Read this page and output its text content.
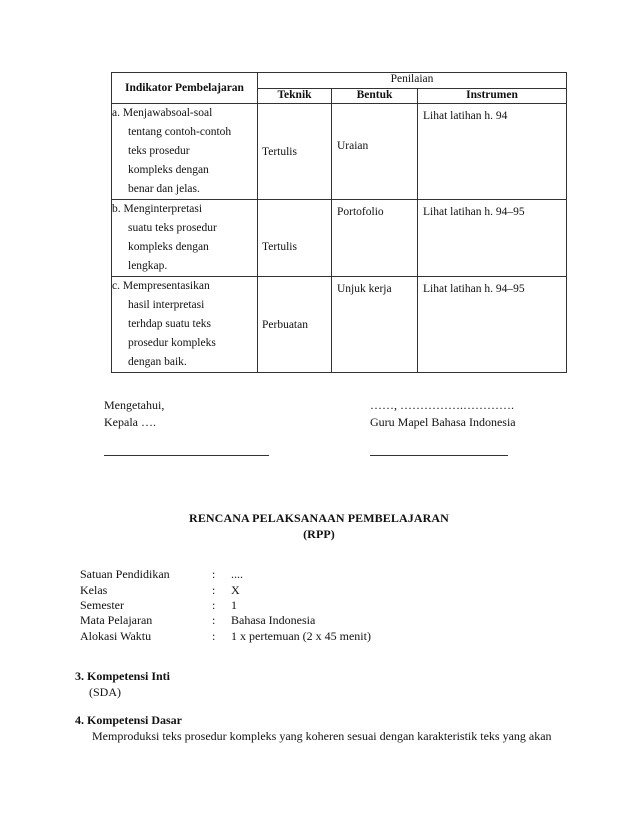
Indikator Pembelajaran	Penilaian		
	Teknik	Bentuk	Instrumen

a. Menjawabsoal-soal
tentang contoh-contoh
teks prosedur
kompleks dengan
benar dan jelas.	Tertulis	Uraian	Lihat latihan h. 94

b. Menginterpretasi
suatu teks prosedur
kompleks dengan
lengkap.	Tertulis	Portofolio	Lihat latihan h. 94–95

c. Mempresentasikan
hasil interpretasi
terhdap suatu teks
prosedur kompleks
dengan baik.	Perbuatan	Unjuk kerja	Lihat latihan h. 94–95
Mengetahui,
Kepala ….
……, …………….………….
Guru Mapel Bahasa Indonesia
RENCANA PELAKSANAAN PEMBELAJARAN
(RPP)
Satuan Pendidikan	: ....
Kelas	: X
Semester	: 1
Mata Pelajaran	: Bahasa Indonesia
Alokasi Waktu	: 1 x pertemuan (2 x 45 menit)
3. Kompetensi Inti
(SDA)
4. Kompetensi Dasar
Memproduksi teks prosedur kompleks yang koheren sesuai dengan karakteristik teks yang akan
